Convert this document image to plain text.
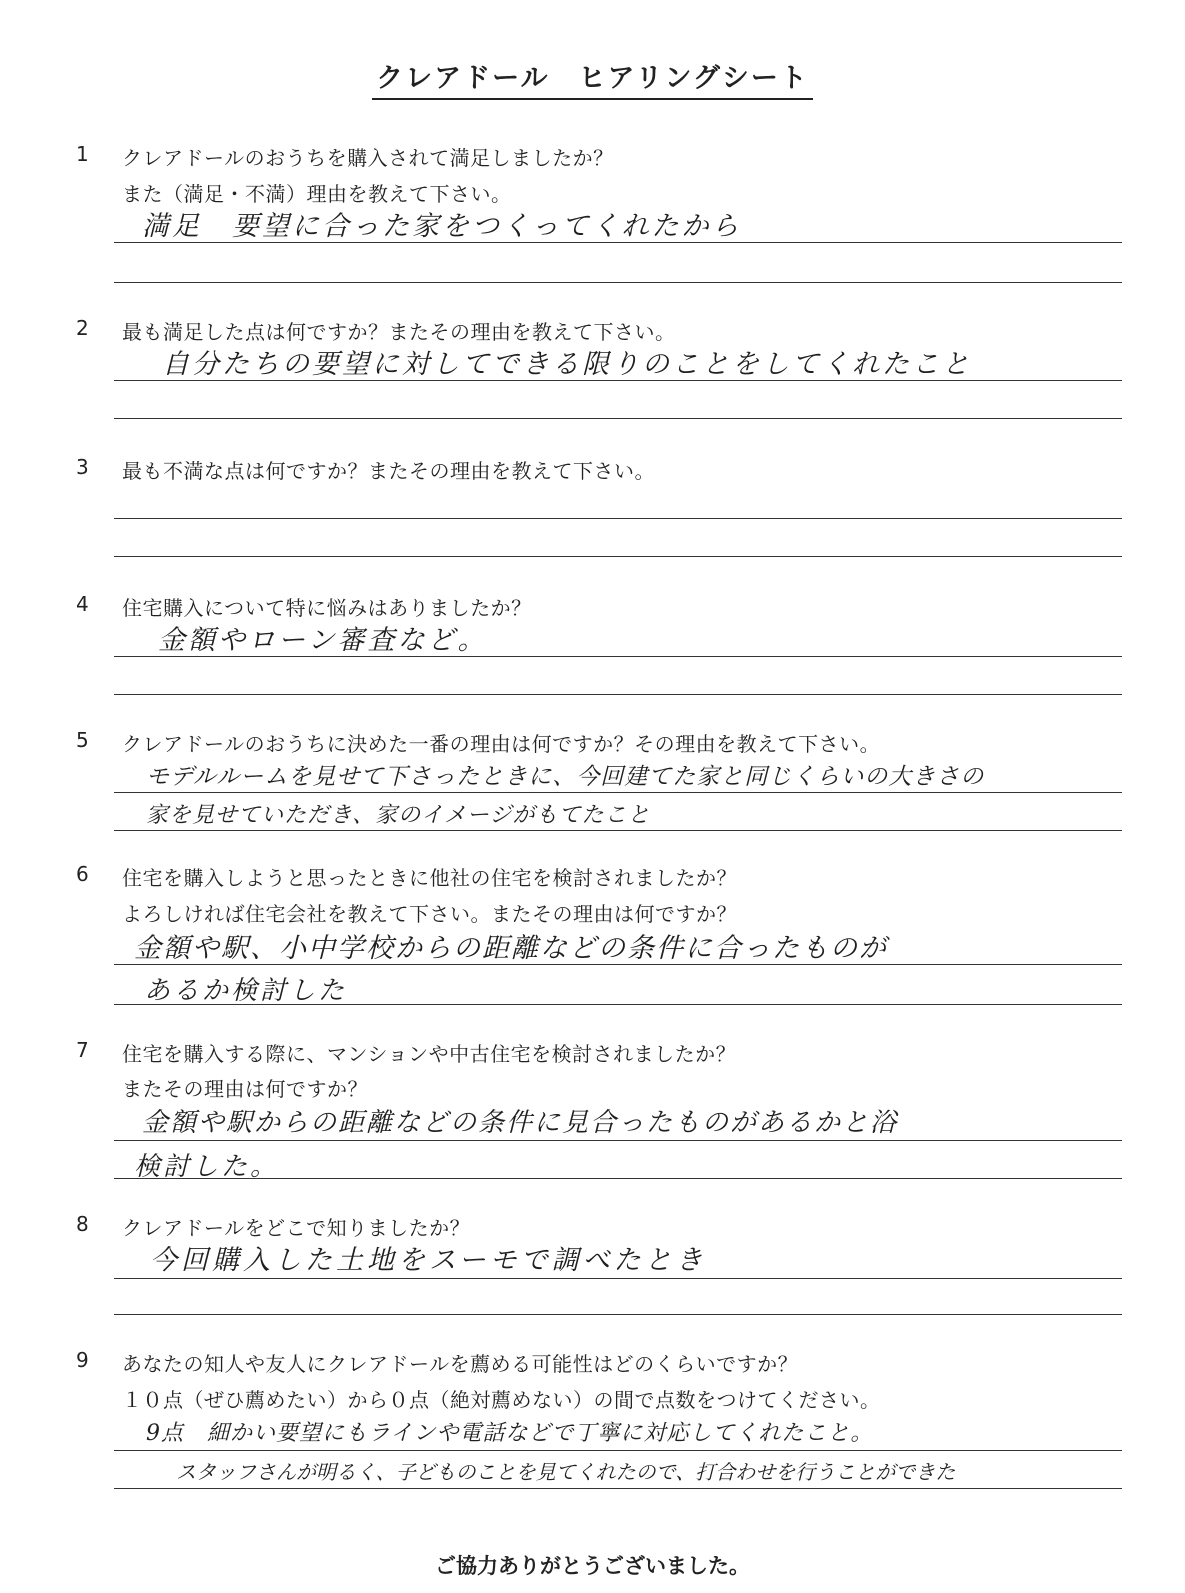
クレアドール　ヒアリングシート
1 クレアドールのおうちを購入されて満足しましたか？
また（満足・不満）理由を教えて下さい。
満足　要望に合った家をつくってくれたから
2 最も満足した点は何ですか？またその理由を教えて下さい。
自分たちの要望に対してできる限りのことをしてくれたこと
3 最も不満な点は何ですか？またその理由を教えて下さい。
4 住宅購入について特に悩みはありましたか？
金額やローン審査など。
5 クレアドールのおうちに決めた一番の理由は何ですか？その理由を教えて下さい。
モデルルームを見せて下さったときに、今回建てた家と同じくらいの大きさの
家を見せていただき、家のイメージがもてたこと
6 住宅を購入しようと思ったときに他社の住宅を検討されましたか？
よろしければ住宅会社を教えて下さい。またその理由は何ですか？
金額や駅、小中学校からの距離などの条件に合ったものが
あるか検討した
7 住宅を購入する際に、マンションや中古住宅を検討されましたか？
またその理由は何ですか？
金額や駅からの距離などの条件に見合ったものがあるかと浴
検討した。
8 クレアドールをどこで知りましたか？
今回購入した土地をスーモで調べたとき
9 あなたの知人や友人にクレアドールを薦める可能性はどのくらいですか？
１０点（ぜひ薦めたい）から０点（絶対薦めない）の間で点数をつけてください。
9点　細かい要望にもラインや電話などで丁寧に対応してくれたこと。
スタッフさんが明るく、子どものことを見てくれたので、打合わせを行うことができた
ご協力ありがとうございました。
